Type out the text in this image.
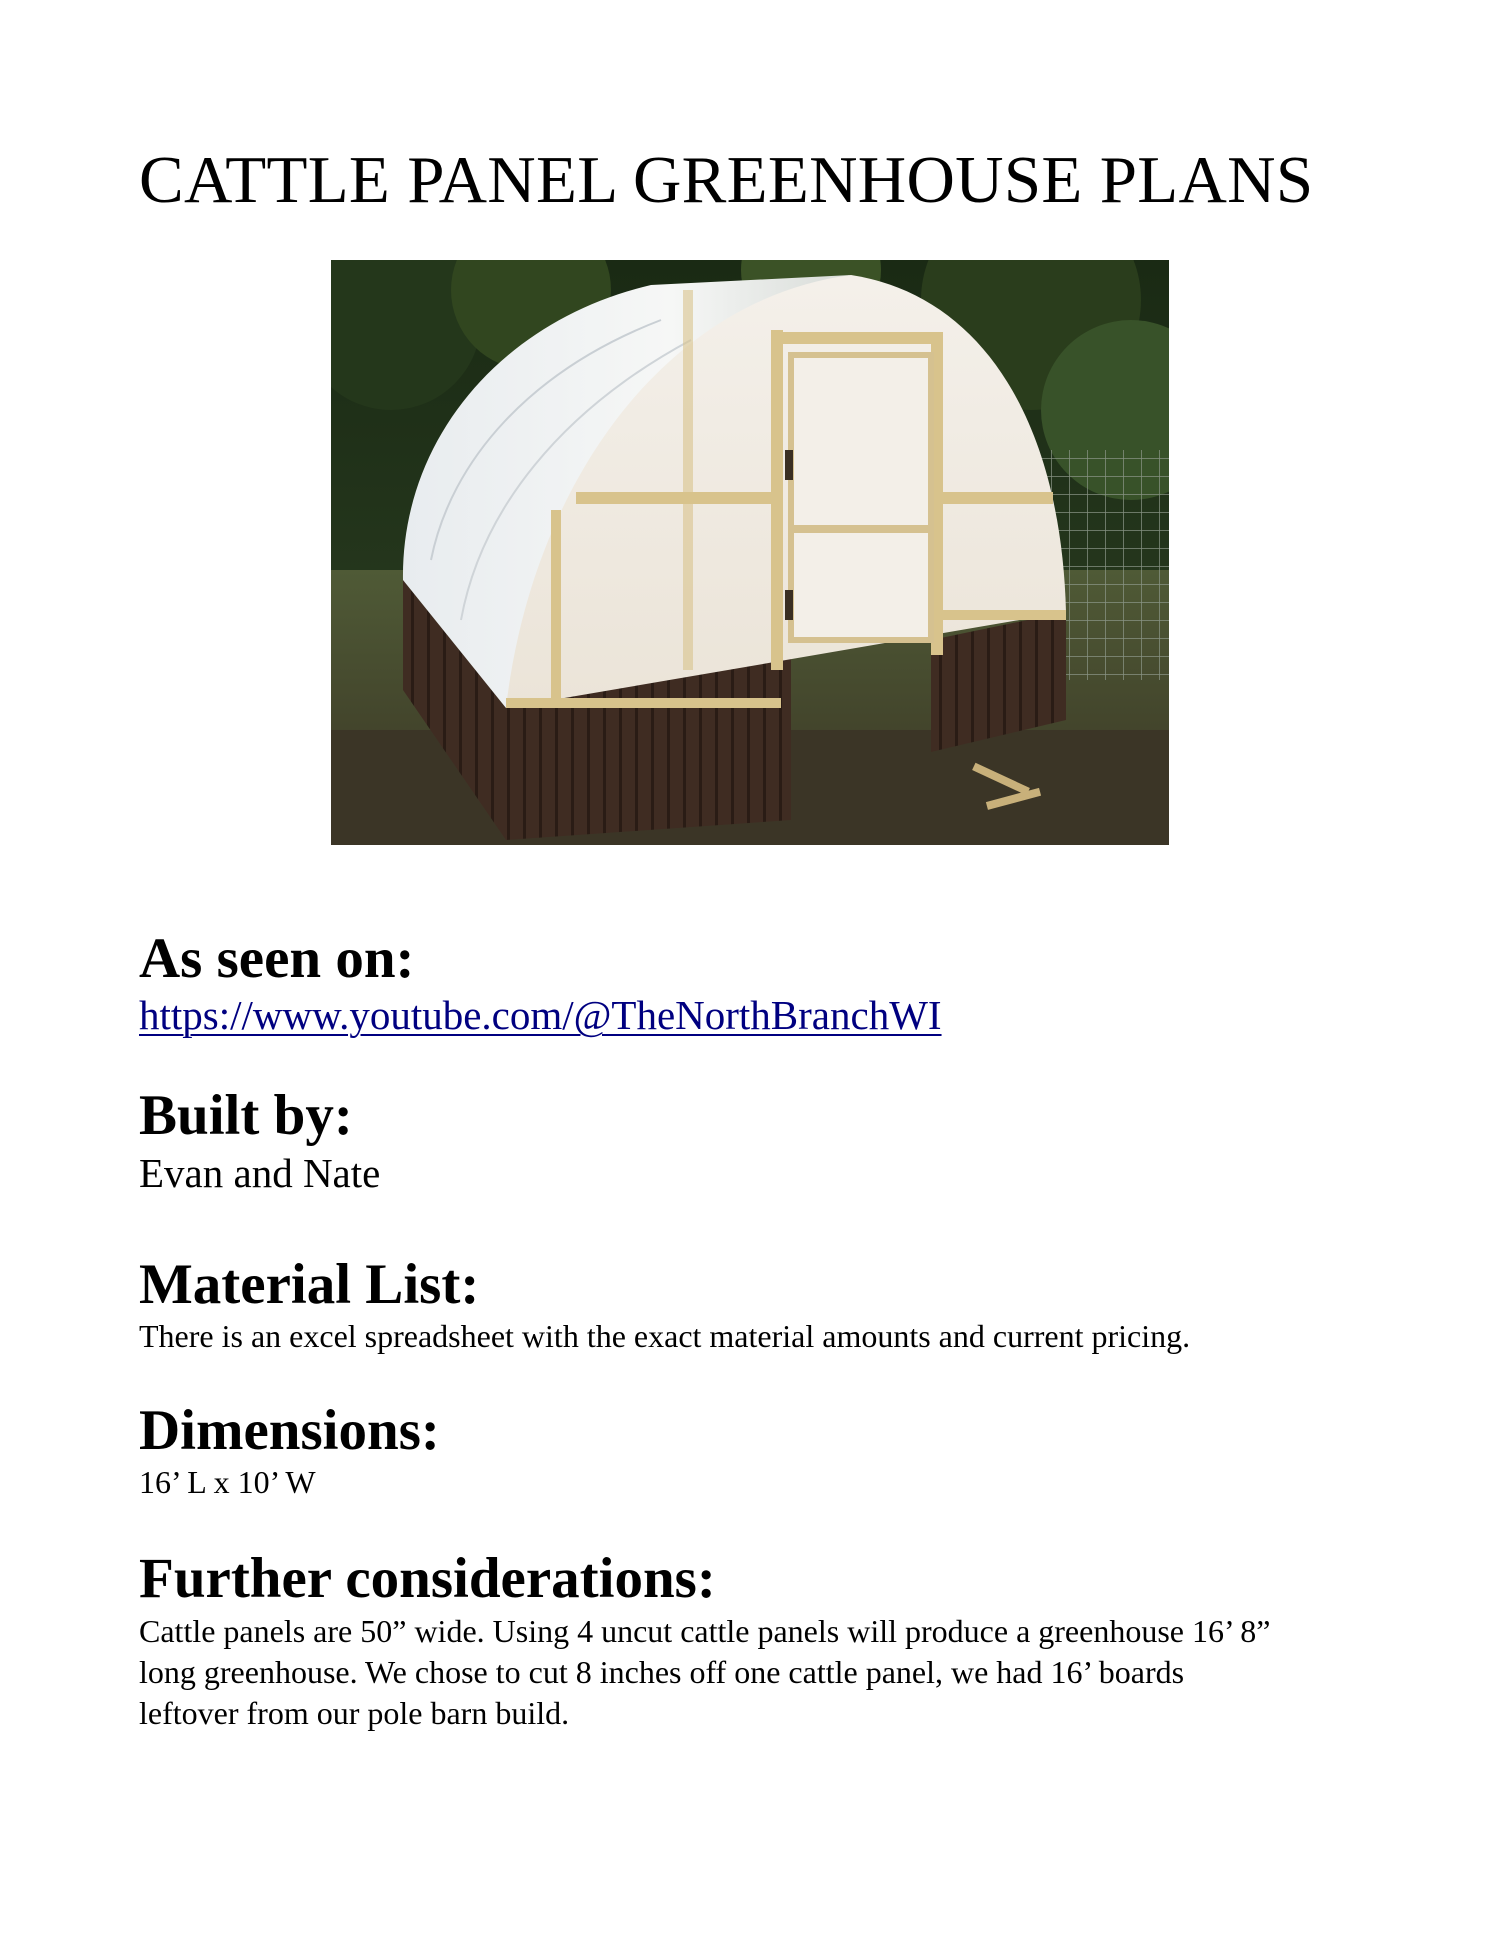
CATTLE PANEL GREENHOUSE PLANS
As seen on:
https://www.youtube.com/@TheNorthBranchWI
Built by:

Evan and Nate

Material List:

There is an excel spreadsheet with the exact material amounts and current pricing.

Dimensions:

16’ L x 10’ W

Further considerations:
Cattle panels are 50” wide. Using 4 uncut cattle panels will produce a greenhouse 16’ 8”
long greenhouse. We chose to cut 8 inches off one cattle panel, we had 16’ boards
leftover from our pole barn build.
